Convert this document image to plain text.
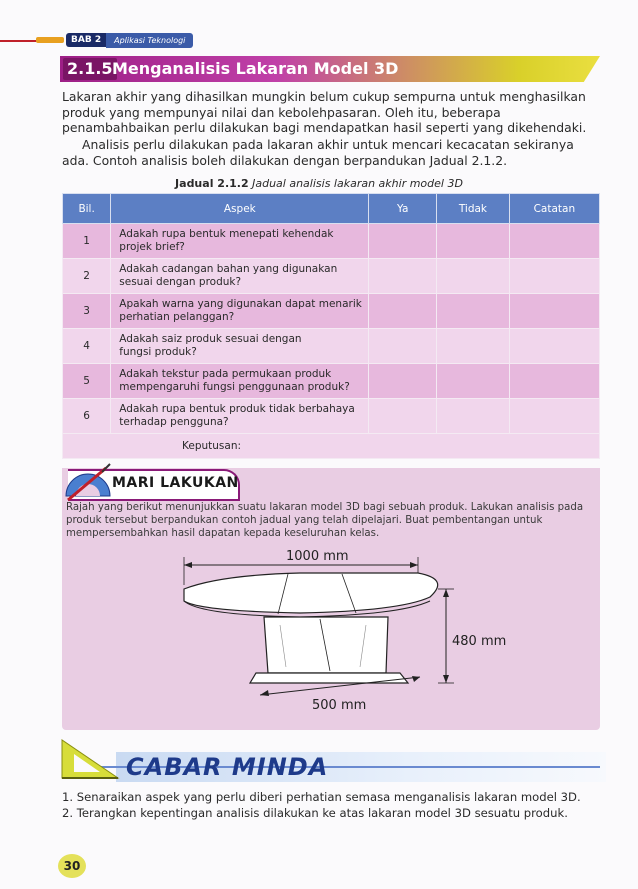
BAB 2	Aplikasi Teknologi
2.1.5 Menganalisis Lakaran Model 3D
Lakaran akhir yang dihasilkan mungkin belum cukup sempurna untuk menghasilkan produk yang mempunyai nilai dan kebolehpasaran. Oleh itu, beberapa penambahbaikan perlu dilakukan bagi mendapatkan hasil seperti yang dikehendaki.
Analisis perlu dilakukan pada lakaran akhir untuk mencari kecacatan sekiranya ada. Contoh analisis boleh dilakukan dengan berpandukan Jadual 2.1.2.
Jadual 2.1.2 Jadual analisis lakaran akhir model 3D
Bil.	Aspek	Ya	Tidak	Catatan
1	Adakah rupa bentuk menepati kehendak
projek brief?			
2	Adakah cadangan bahan yang digunakan
sesuai dengan produk?			
3	Apakah warna yang digunakan dapat menarik
perhatian pelanggan?			
4	Adakah saiz produk sesuai dengan
fungsi produk?			
5	Adakah tekstur pada permukaan produk
mempengaruhi fungsi penggunaan produk?			
6	Adakah rupa bentuk produk tidak berbahaya
terhadap pengguna?			
Keputusan:				
MARI LAKUKAN
Rajah yang berikut menunjukkan suatu lakaran model 3D bagi sebuah produk. Lakukan analisis pada produk tersebut berpandukan contoh jadual yang telah dipelajari. Buat pembentangan untuk mempersembahkan hasil dapatan kepada keseluruhan kelas.
1000 mm
500 mm
480 mm
CABAR MINDA
1. Senaraikan aspek yang perlu diberi perhatian semasa menganalisis lakaran model 3D.
2. Terangkan kepentingan analisis dilakukan ke atas lakaran model 3D sesuatu produk.
30
